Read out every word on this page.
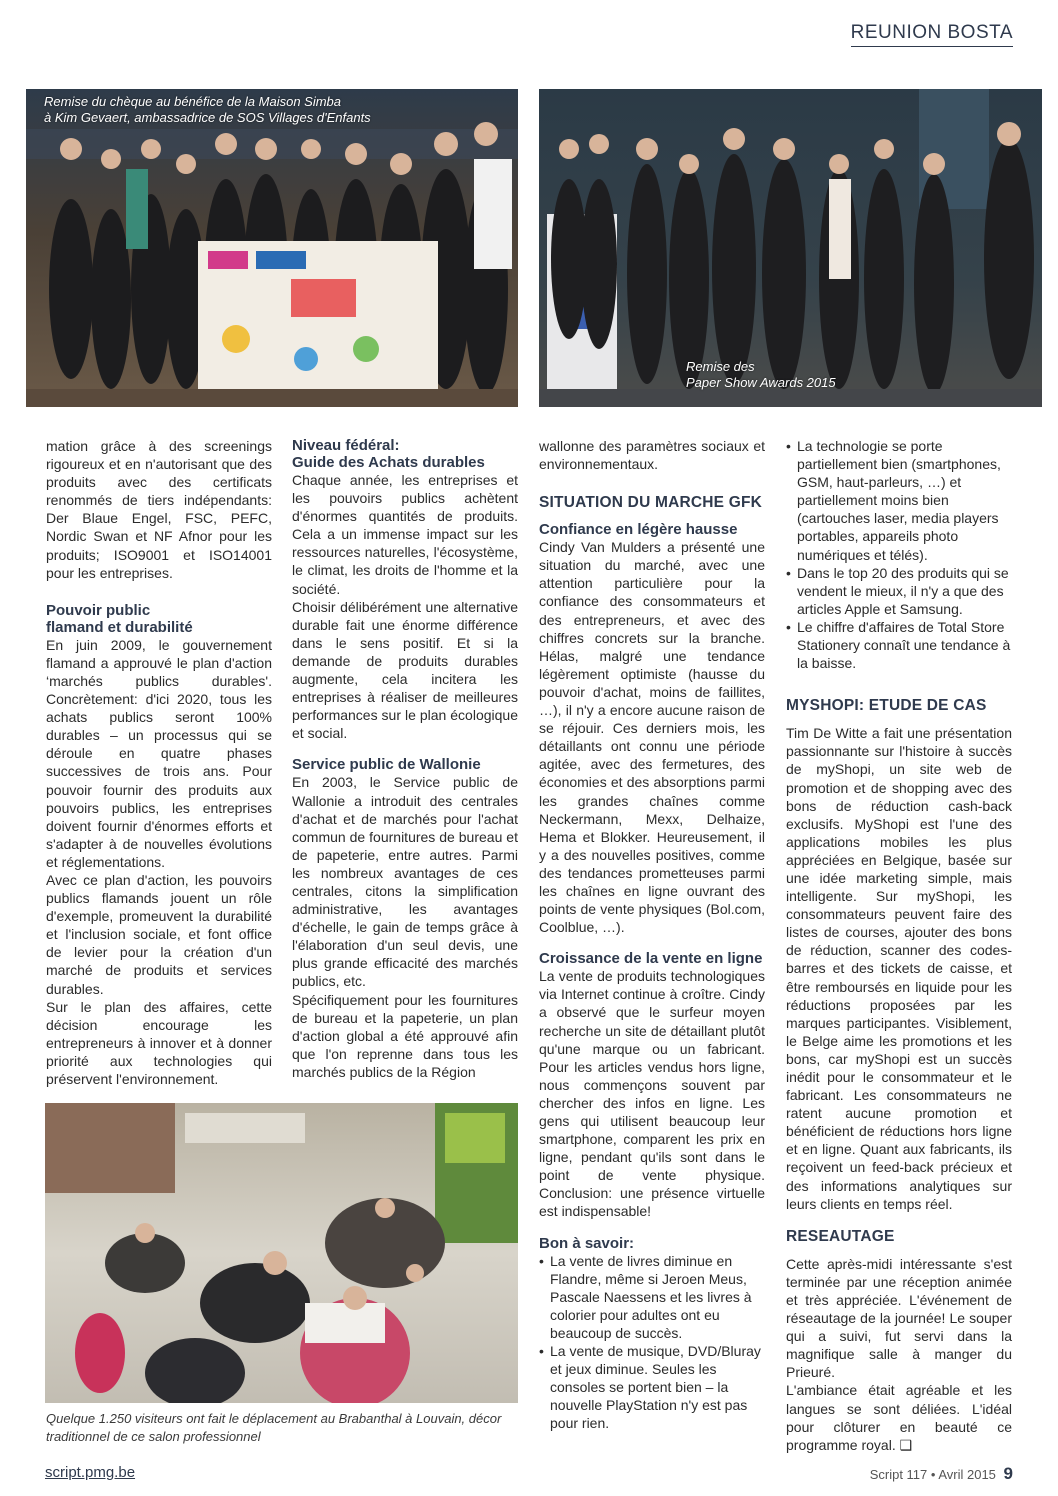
REUNION BOSTA
Remise du chèque au bénéfice de la Maison Simba
à Kim Gevaert, ambassadrice de SOS Villages d'Enfants
Remise des
Paper Show Awards 2015

mation grâce à des screenings rigoureux et en n'autorisant que des produits avec des certificats renommés de tiers indépendants: Der Blaue Engel, FSC, PEFC, Nordic Swan et NF Afnor pour les produits; ISO9001 et ISO14001 pour les entreprises.

Pouvoir public
flamand et durabilité

En juin 2009, le gouvernement flamand a approuvé le plan d'action ‘marchés publics durables'. Concrètement: d'ici 2020, tous les achats publics seront 100% durables – un processus qui se déroule en quatre phases successives de trois ans. Pour pouvoir fournir des produits aux pouvoirs publics, les entreprises doivent fournir d'énormes efforts et s'adapter à de nouvelles évolutions et réglementations.

Avec ce plan d'action, les pouvoirs publics flamands jouent un rôle d'exemple, promeuvent la durabilité et l'inclusion sociale, et font office de levier pour la création d'un marché de produits et services durables.

Sur le plan des affaires, cette décision encourage les entrepreneurs à innover et à donner priorité aux technologies qui préservent l'environnement.

Niveau fédéral:
Guide des Achats durables

Chaque année, les entreprises et les pouvoirs publics achètent d'énormes quantités de produits. Cela a un immense impact sur les ressources naturelles, l'écosystème, le climat, les droits de l'homme et la société.

Choisir délibérément une alternative durable fait une énorme différence dans le sens positif. Et si la demande de produits durables augmente, cela incitera les entreprises à réaliser de meilleures performances sur le plan écologique et social.

Service public de Wallonie

En 2003, le Service public de Wallonie a introduit des centrales d'achat et de marchés pour l'achat commun de fournitures de bureau et de papeterie, entre autres. Parmi les nombreux avantages de ces centrales, citons la simplification administrative, les avantages d'échelle, le gain de temps grâce à l'élaboration d'un seul devis, une plus grande efficacité des marchés publics, etc.

Spécifiquement pour les fournitures de bureau et la papeterie, un plan d'action global a été approuvé afin que l'on reprenne dans tous les marchés publics de la Région

Quelque 1.250 visiteurs ont fait le déplacement au Brabanthal à Louvain, décor
traditionnel de ce salon professionnel

wallonne des paramètres sociaux et environnementaux.

SITUATION DU MARCHE GFK
Confiance en légère hausse

Cindy Van Mulders a présenté une situation du marché, avec une attention particulière pour la confiance des consommateurs et des entrepreneurs, et avec des chiffres concrets sur la branche. Hélas, malgré une tendance légèrement optimiste (hausse du pouvoir d'achat, moins de faillites, …), il n'y a encore aucune raison de se réjouir. Ces derniers mois, les détaillants ont connu une période agitée, avec des fermetures, des économies et des absorptions parmi les grandes chaînes comme Neckermann, Mexx, Delhaize, Hema et Blokker. Heureusement, il y a des nouvelles positives, comme des tendances prometteuses parmi les chaînes en ligne ouvrant des points de vente physiques (Bol.com, Coolblue, …).

Croissance de la vente en ligne

La vente de produits technologiques via Internet continue à croître. Cindy a observé que le surfeur moyen recherche un site de détaillant plutôt qu'une marque ou un fabricant. Pour les articles vendus hors ligne, nous commençons souvent par chercher des infos en ligne. Les gens qui utilisent beaucoup leur smartphone, comparent les prix en ligne, pendant qu'ils sont dans le point de vente physique. Conclusion: une présence virtuelle est indispensable!

Bon à savoir:
• La vente de livres diminue en Flandre, même si Jeroen Meus, Pascale Naessens et les livres à colorier pour adultes ont eu beaucoup de succès.
• La vente de musique, DVD/Bluray et jeux diminue. Seules les consoles se portent bien – la nouvelle PlayStation n'y est pas pour rien.
• La technologie se porte partiellement bien (smartphones, GSM, haut-parleurs, …) et partiellement moins bien (cartouches laser, media players portables, appareils photo numériques et télés).
• Dans le top 20 des produits qui se vendent le mieux, il n'y a que des articles Apple et Samsung.
• Le chiffre d'affaires de Total Store Stationery connaît une tendance à la baisse.
MYSHOPI: ETUDE DE CAS

Tim De Witte a fait une présentation passionnante sur l'histoire à succès de myShopi, un site web de promotion et de shopping avec des bons de réduction cash-back exclusifs. MyShopi est l'une des applications mobiles les plus appréciées en Belgique, basée sur une idée marketing simple, mais intelligente. Sur myShopi, les consommateurs peuvent faire des listes de courses, ajouter des bons de réduction, scanner des codes-barres et des tickets de caisse, et être remboursés en liquide pour les réductions proposées par les marques participantes. Visiblement, le Belge aime les promotions et les bons, car myShopi est un succès inédit pour le consommateur et le fabricant. Les consommateurs ne ratent aucune promotion et bénéficient de réductions hors ligne et en ligne. Quant aux fabricants, ils reçoivent un feed-back précieux et des informations analytiques sur leurs clients en temps réel.

RESEAUTAGE

Cette après-midi intéressante s'est terminée par une réception animée et très appréciée. L'événement de réseautage de la journée! Le souper qui a suivi, fut servi dans la magnifique salle à manger du Prieuré.

L'ambiance était agréable et les langues se sont déliées. L'idéal pour clôturer en beauté ce programme royal. ❑

script.pmg.be	Script 117 • Avril 2015 9
